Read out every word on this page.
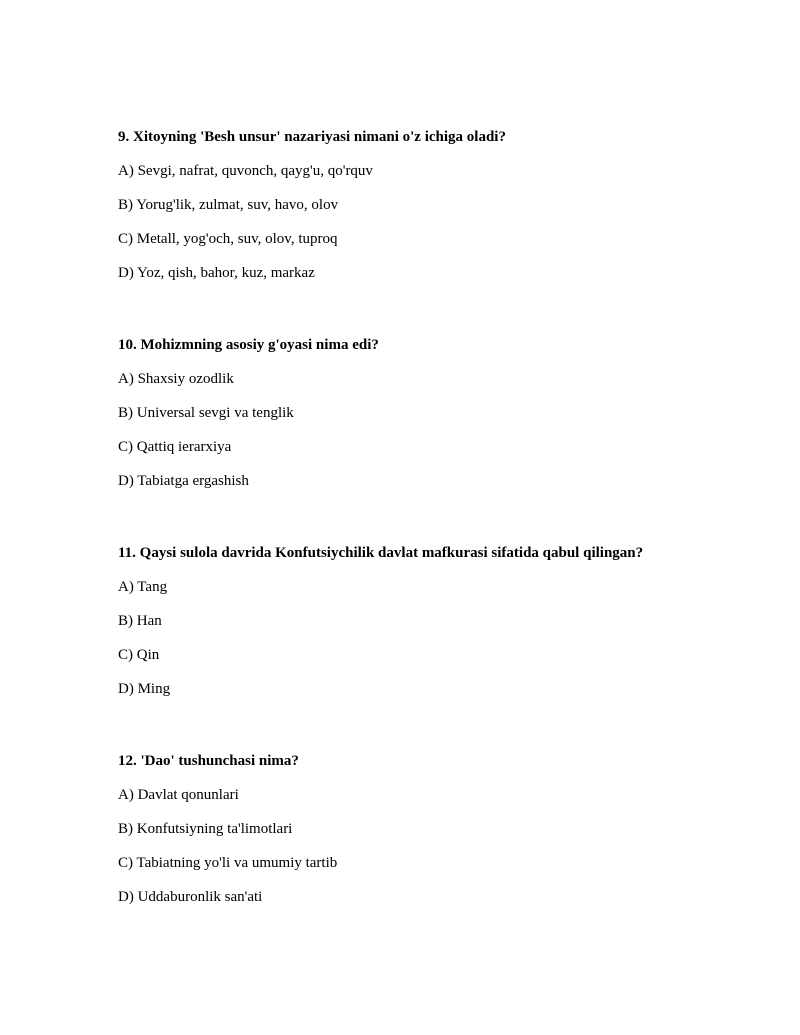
9. Xitoyning 'Besh unsur' nazariyasi nimani o'z ichiga oladi?
A) Sevgi, nafrat, quvonch, qayg'u, qo'rquv
B) Yorug'lik, zulmat, suv, havo, olov
C) Metall, yog'och, suv, olov, tuproq
D) Yoz, qish, bahor, kuz, markaz
10. Mohizmning asosiy g'oyasi nima edi?
A) Shaxsiy ozodlik
B) Universal sevgi va tenglik
C) Qattiq ierarxiya
D) Tabiatga ergashish
11. Qaysi sulola davrida Konfutsiychilik davlat mafkurasi sifatida qabul qilingan?
A) Tang
B) Han
C) Qin
D) Ming
12. 'Dao' tushunchasi nima?
A) Davlat qonunlari
B) Konfutsiyning ta'limotlari
C) Tabiatning yo'li va umumiy tartib
D) Uddaburonlik san'ati
